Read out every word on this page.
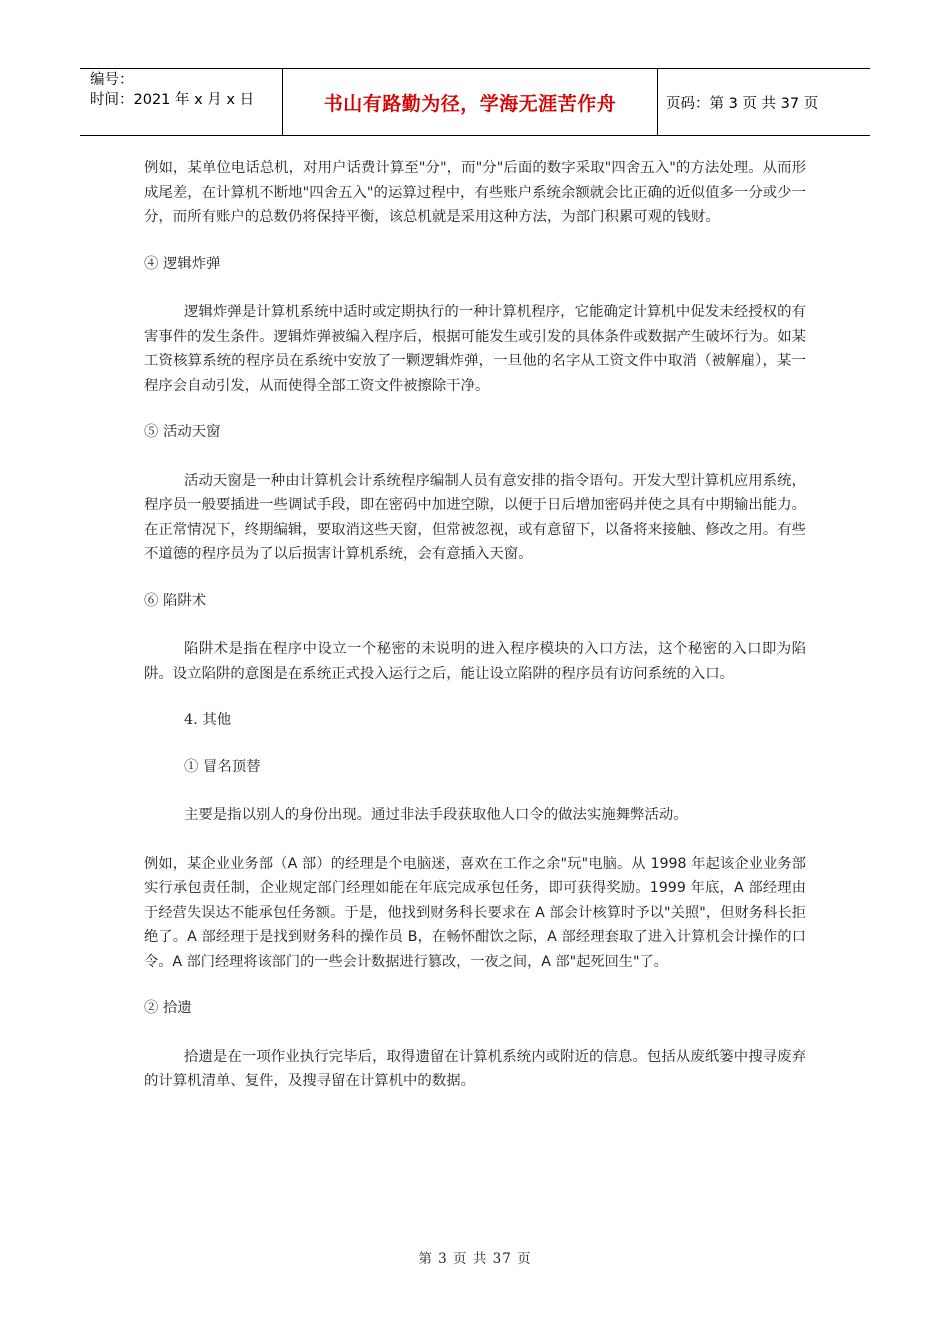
编号：
时间：2021 年 x 月 x 日	书山有路勤为径，学海无涯苦作舟	页码：第 3 页 共 37 页

例如，某单位电话总机，对用户话费计算至"分"，而"分"后面的数字采取"四舍五入"的方法处理。从而形成尾差，在计算机不断地"四舍五入"的运算过程中，有些账户系统余额就会比正确的近似值多一分或少一分，而所有账户的总数仍将保持平衡，该总机就是采用这种方法，为部门积累可观的钱财。

④ 逻辑炸弹

逻辑炸弹是计算机系统中适时或定期执行的一种计算机程序，它能确定计算机中促发未经授权的有害事件的发生条件。逻辑炸弹被编入程序后，根据可能发生或引发的具体条件或数据产生破坏行为。如某工资核算系统的程序员在系统中安放了一颗逻辑炸弹，一旦他的名字从工资文件中取消（被解雇），某一程序会自动引发，从而使得全部工资文件被擦除干净。

⑤ 活动天窗

活动天窗是一种由计算机会计系统程序编制人员有意安排的指令语句。开发大型计算机应用系统，程序员一般要插进一些调试手段，即在密码中加进空隙，以便于日后增加密码并使之具有中期输出能力。在正常情况下，终期编辑，要取消这些天窗，但常被忽视，或有意留下，以备将来接触、修改之用。有些不道德的程序员为了以后损害计算机系统，会有意插入天窗。

⑥ 陷阱术

陷阱术是指在程序中设立一个秘密的未说明的进入程序模块的入口方法，这个秘密的入口即为陷阱。设立陷阱的意图是在系统正式投入运行之后，能让设立陷阱的程序员有访问系统的入口。

4. 其他

① 冒名顶替

主要是指以别人的身份出现。通过非法手段获取他人口令的做法实施舞弊活动。

例如，某企业业务部（A 部）的经理是个电脑迷，喜欢在工作之余"玩"电脑。从 1998 年起该企业业务部实行承包责任制，企业规定部门经理如能在年底完成承包任务，即可获得奖励。1999 年底，A 部经理由于经营失误达不能承包任务额。于是，他找到财务科长要求在 A 部会计核算时予以"关照"，但财务科长拒绝了。A 部经理于是找到财务科的操作员 B，在畅怀酣饮之际，A 部经理套取了进入计算机会计操作的口令。A 部门经理将该部门的一些会计数据进行篡改，一夜之间，A 部"起死回生"了。

② 拾遗

拾遗是在一项作业执行完毕后，取得遗留在计算机系统内或附近的信息。包括从废纸篓中搜寻废弃的计算机清单、复件，及搜寻留在计算机中的数据。

第 3 页 共 37 页
